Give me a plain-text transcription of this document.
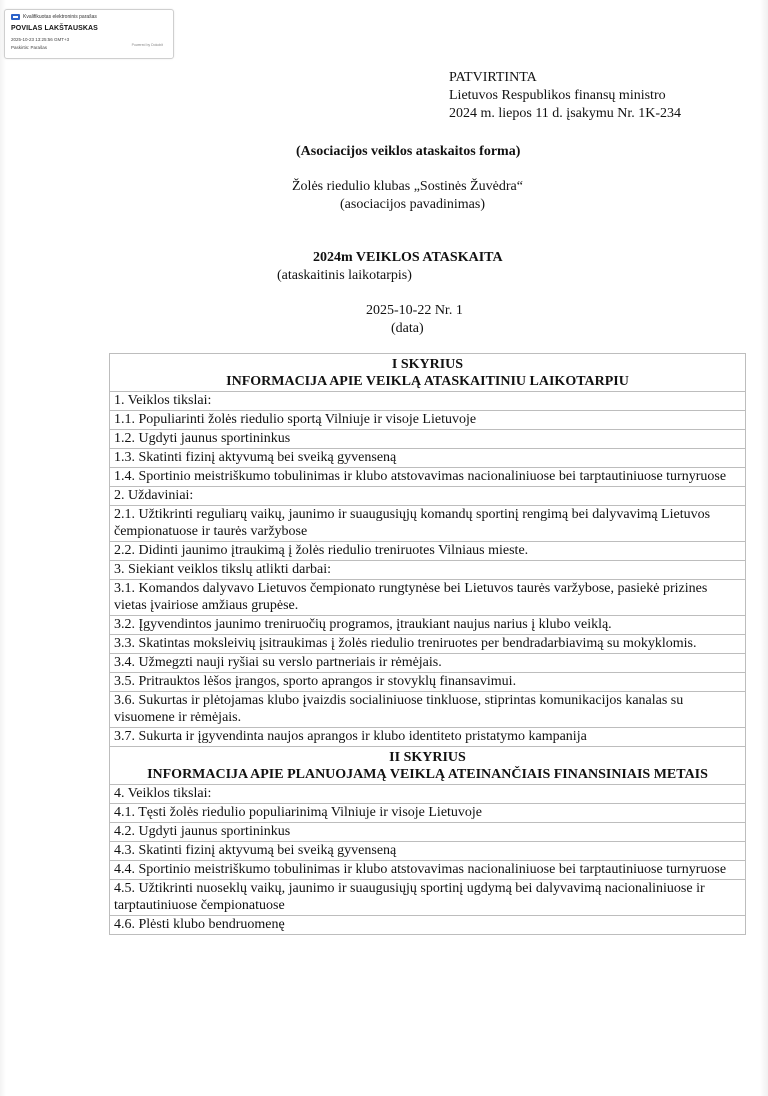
Kvalifikuotas elektroninis parašas
POVILAS LAKŠTAUSKAS
2025-10-23 13:25:56 GMT+3
Paskirtis: Parašas	Powered by Dokobit
PATVIRTINTA
Lietuvos Respublikos finansų ministro
2024 m. liepos 11 d. įsakymu Nr. 1K-234
(Asociacijos veiklos ataskaitos forma)
Žolės riedulio klubas „Sostinės Žuvėdra“
(asociacijos pavadinimas)
2024m VEIKLOS ATASKAITA
(ataskaitinis laikotarpis)
2025-10-22 Nr. 1
(data)
I SKYRIUS
INFORMACIJA APIE VEIKLĄ ATASKAITINIU LAIKOTARPIU

1. Veiklos tikslai:
1.1. Populiarinti žolės riedulio sportą Vilniuje ir visoje Lietuvoje
1.2. Ugdyti jaunus sportininkus
1.3. Skatinti fizinį aktyvumą bei sveiką gyvenseną
1.4. Sportinio meistriškumo tobulinimas ir klubo atstovavimas nacionaliniuose bei tarptautiniuose turnyruose
2. Uždaviniai:
2.1. Užtikrinti reguliarų vaikų, jaunimo ir suaugusiųjų komandų sportinį rengimą bei dalyvavimą Lietuvos čempionatuose ir taurės varžybose
2.2. Didinti jaunimo įtraukimą į žolės riedulio treniruotes Vilniaus mieste.
3. Siekiant veiklos tikslų atlikti darbai:
3.1. Komandos dalyvavo Lietuvos čempionato rungtynėse bei Lietuvos taurės varžybose, pasiekė prizines vietas įvairiose amžiaus grupėse.
3.2. Įgyvendintos jaunimo treniruočių programos, įtraukiant naujus narius į klubo veiklą.
3.3. Skatintas moksleivių įsitraukimas į žolės riedulio treniruotes per bendradarbiavimą su mokyklomis.
3.4. Užmegzti nauji ryšiai su verslo partneriais ir rėmėjais.
3.5. Pritrauktos lėšos įrangos, sporto aprangos ir stovyklų finansavimui.
3.6. Sukurtas ir plėtojamas klubo įvaizdis socialiniuose tinkluose, stiprintas komunikacijos kanalas su visuomene ir rėmėjais.
3.7. Sukurta ir įgyvendinta naujos aprangos ir klubo identiteto pristatymo kampanija

II SKYRIUS
INFORMACIJA APIE PLANUOJAMĄ VEIKLĄ ATEINANČIAIS FINANSINIAIS METAIS

4. Veiklos tikslai:
4.1. Tęsti žolės riedulio populiarinimą Vilniuje ir visoje Lietuvoje
4.2. Ugdyti jaunus sportininkus
4.3. Skatinti fizinį aktyvumą bei sveiką gyvenseną
4.4. Sportinio meistriškumo tobulinimas ir klubo atstovavimas nacionaliniuose bei tarptautiniuose turnyruose
4.5. Užtikrinti nuoseklų vaikų, jaunimo ir suaugusiųjų sportinį ugdymą bei dalyvavimą nacionaliniuose ir tarptautiniuose čempionatuose
4.6. Plėsti klubo bendruomenę
